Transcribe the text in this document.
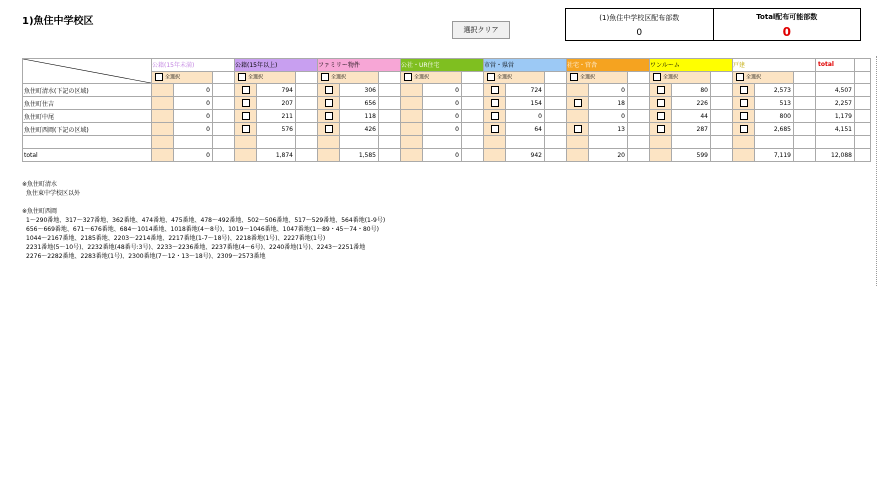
1)魚住中学校区
選択クリア
(1)魚住中学校区配布部数
0
Total配布可能部数
0
	公籍(15年未満)			公籍(15年以上)			ファミリー物件			公社・UR住宅			市営・県営			社宅・官舎			ワンルーム			戸建			total	
	全選択			全選択			全選択			全選択			全選択			全選択			全選択			全選択				
魚住町清水(下記の区域)		0			794			306			0			724			0			80			2,573		4,507	
魚住町住吉		0			207			656			0			154			18			226			513		2,257	
魚住町中尾		0			211			118			0			0			0			44			800		1,179	
魚住町西岡(下記の区域)		0			576			426			0			64			13			287			2,685		4,151	

total		0			1,874			1,585			0			942			20			599			7,119		12,088	
※魚住町清水
魚住東中学校区以外
※魚住町西岡
1～290番地、317～327番地、362番地、474番地、475番地、478～492番地、502～506番地、517～529番地、564番地(1-9号)
656～669番地、671～676番地、684～1014番地、1018番地(4～8号)、1019～1046番地、1047番地(1～89・45～74・80号)
1044～2167番地、2185番地、2203～2214番地、2217番地(1-7～18号)、2218番地(1号)、2227番地(1号)
2231番地(5～10号)、2232番地(48番号:3号)、2233～2236番地、2237番地(4～6号)、2240番地(1号)、2243～2251番地
2276～2282番地、2283番地(1号)、2300番地(7～12・13～18号)、2309～2573番地
